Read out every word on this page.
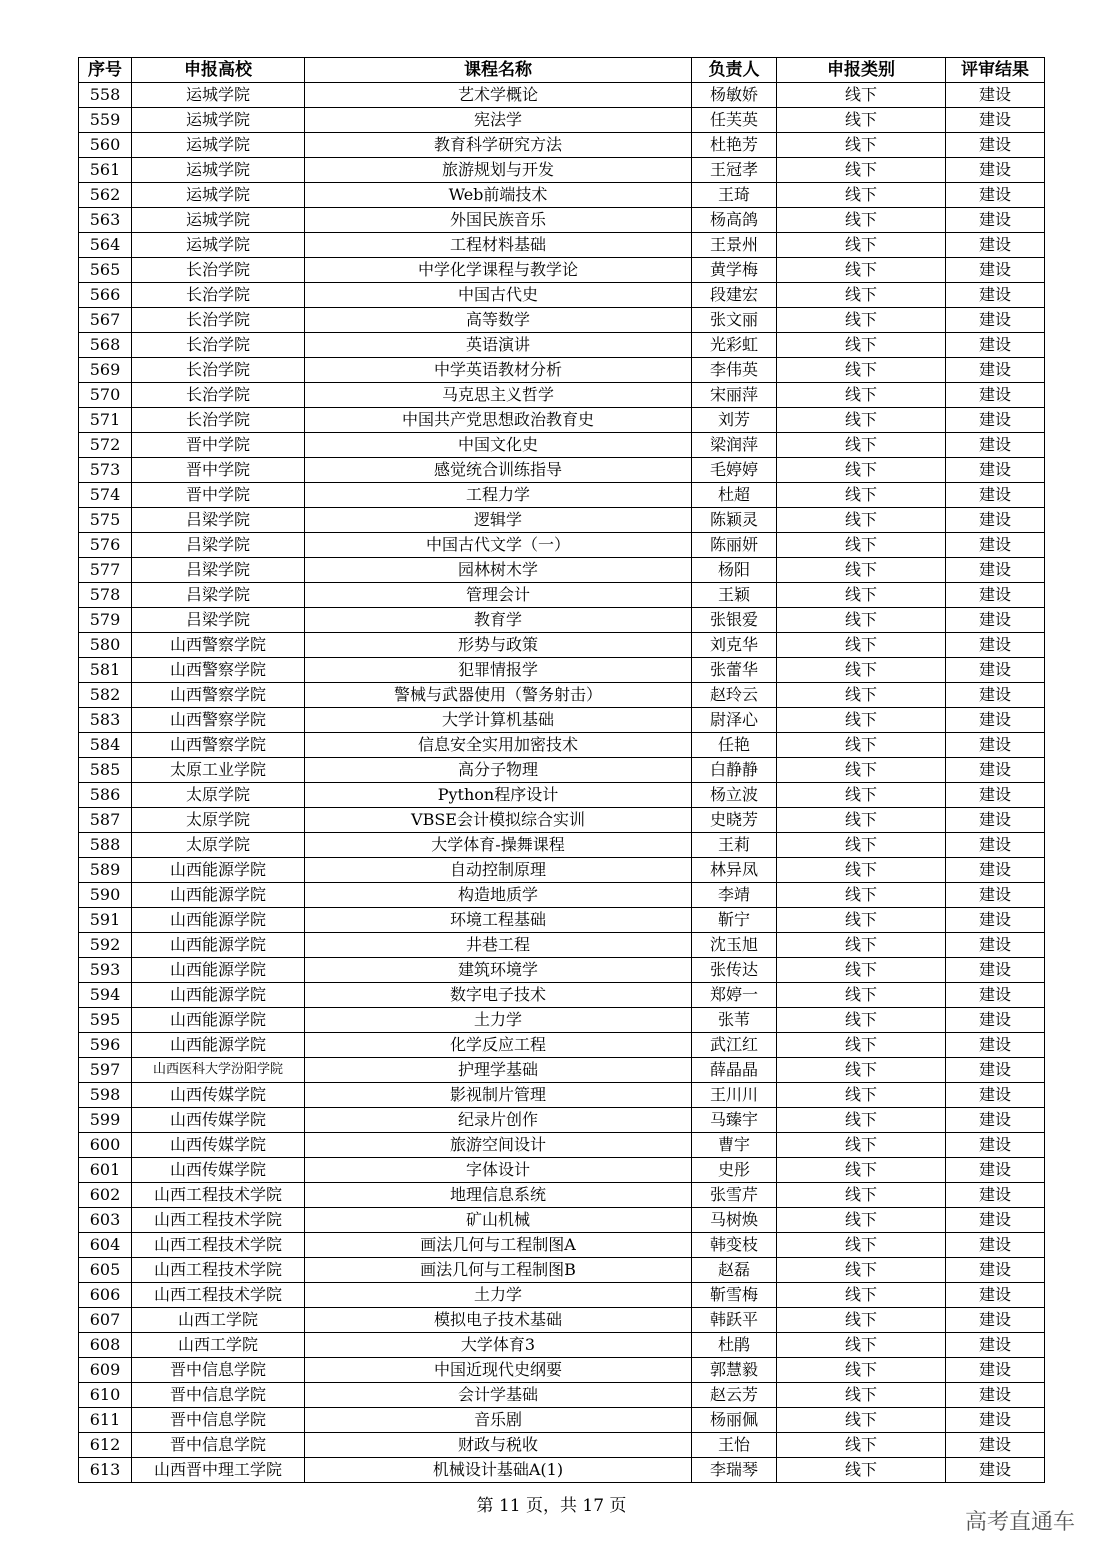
序号	申报高校	课程名称	负责人	申报类别	评审结果
558	运城学院	艺术学概论	杨敏娇	线下	建设
559	运城学院	宪法学	任芙英	线下	建设
560	运城学院	教育科学研究方法	杜艳芳	线下	建设
561	运城学院	旅游规划与开发	王冠孝	线下	建设
562	运城学院	Web前端技术	王琦	线下	建设
563	运城学院	外国民族音乐	杨高鸽	线下	建设
564	运城学院	工程材料基础	王景州	线下	建设
565	长治学院	中学化学课程与教学论	黄学梅	线下	建设
566	长治学院	中国古代史	段建宏	线下	建设
567	长治学院	高等数学	张文丽	线下	建设
568	长治学院	英语演讲	光彩虹	线下	建设
569	长治学院	中学英语教材分析	李伟英	线下	建设
570	长治学院	马克思主义哲学	宋丽萍	线下	建设
571	长治学院	中国共产党思想政治教育史	刘芳	线下	建设
572	晋中学院	中国文化史	梁润萍	线下	建设
573	晋中学院	感觉统合训练指导	毛婷婷	线下	建设
574	晋中学院	工程力学	杜超	线下	建设
575	吕梁学院	逻辑学	陈颖灵	线下	建设
576	吕梁学院	中国古代文学（一）	陈丽妍	线下	建设
577	吕梁学院	园林树木学	杨阳	线下	建设
578	吕梁学院	管理会计	王颖	线下	建设
579	吕梁学院	教育学	张银爱	线下	建设
580	山西警察学院	形势与政策	刘克华	线下	建设
581	山西警察学院	犯罪情报学	张蕾华	线下	建设
582	山西警察学院	警械与武器使用（警务射击）	赵玲云	线下	建设
583	山西警察学院	大学计算机基础	尉泽心	线下	建设
584	山西警察学院	信息安全实用加密技术	任艳	线下	建设
585	太原工业学院	高分子物理	白静静	线下	建设
586	太原学院	Python程序设计	杨立波	线下	建设
587	太原学院	VBSE会计模拟综合实训	史晓芳	线下	建设
588	太原学院	大学体育-操舞课程	王莉	线下	建设
589	山西能源学院	自动控制原理	林异凤	线下	建设
590	山西能源学院	构造地质学	李靖	线下	建设
591	山西能源学院	环境工程基础	靳宁	线下	建设
592	山西能源学院	井巷工程	沈玉旭	线下	建设
593	山西能源学院	建筑环境学	张传达	线下	建设
594	山西能源学院	数字电子技术	郑婷一	线下	建设
595	山西能源学院	土力学	张苇	线下	建设
596	山西能源学院	化学反应工程	武江红	线下	建设
597	山西医科大学汾阳学院	护理学基础	薛晶晶	线下	建设
598	山西传媒学院	影视制片管理	王川川	线下	建设
599	山西传媒学院	纪录片创作	马臻宇	线下	建设
600	山西传媒学院	旅游空间设计	曹宇	线下	建设
601	山西传媒学院	字体设计	史彤	线下	建设
602	山西工程技术学院	地理信息系统	张雪芹	线下	建设
603	山西工程技术学院	矿山机械	马树焕	线下	建设
604	山西工程技术学院	画法几何与工程制图A	韩变枝	线下	建设
605	山西工程技术学院	画法几何与工程制图B	赵磊	线下	建设
606	山西工程技术学院	土力学	靳雪梅	线下	建设
607	山西工学院	模拟电子技术基础	韩跃平	线下	建设
608	山西工学院	大学体育3	杜鹃	线下	建设
609	晋中信息学院	中国近现代史纲要	郭慧毅	线下	建设
610	晋中信息学院	会计学基础	赵云芳	线下	建设
611	晋中信息学院	音乐剧	杨丽佩	线下	建设
612	晋中信息学院	财政与税收	王怡	线下	建设
613	山西晋中理工学院	机械设计基础A(1)	李瑞琴	线下	建设
第 11 页，共 17 页
高考直通车
